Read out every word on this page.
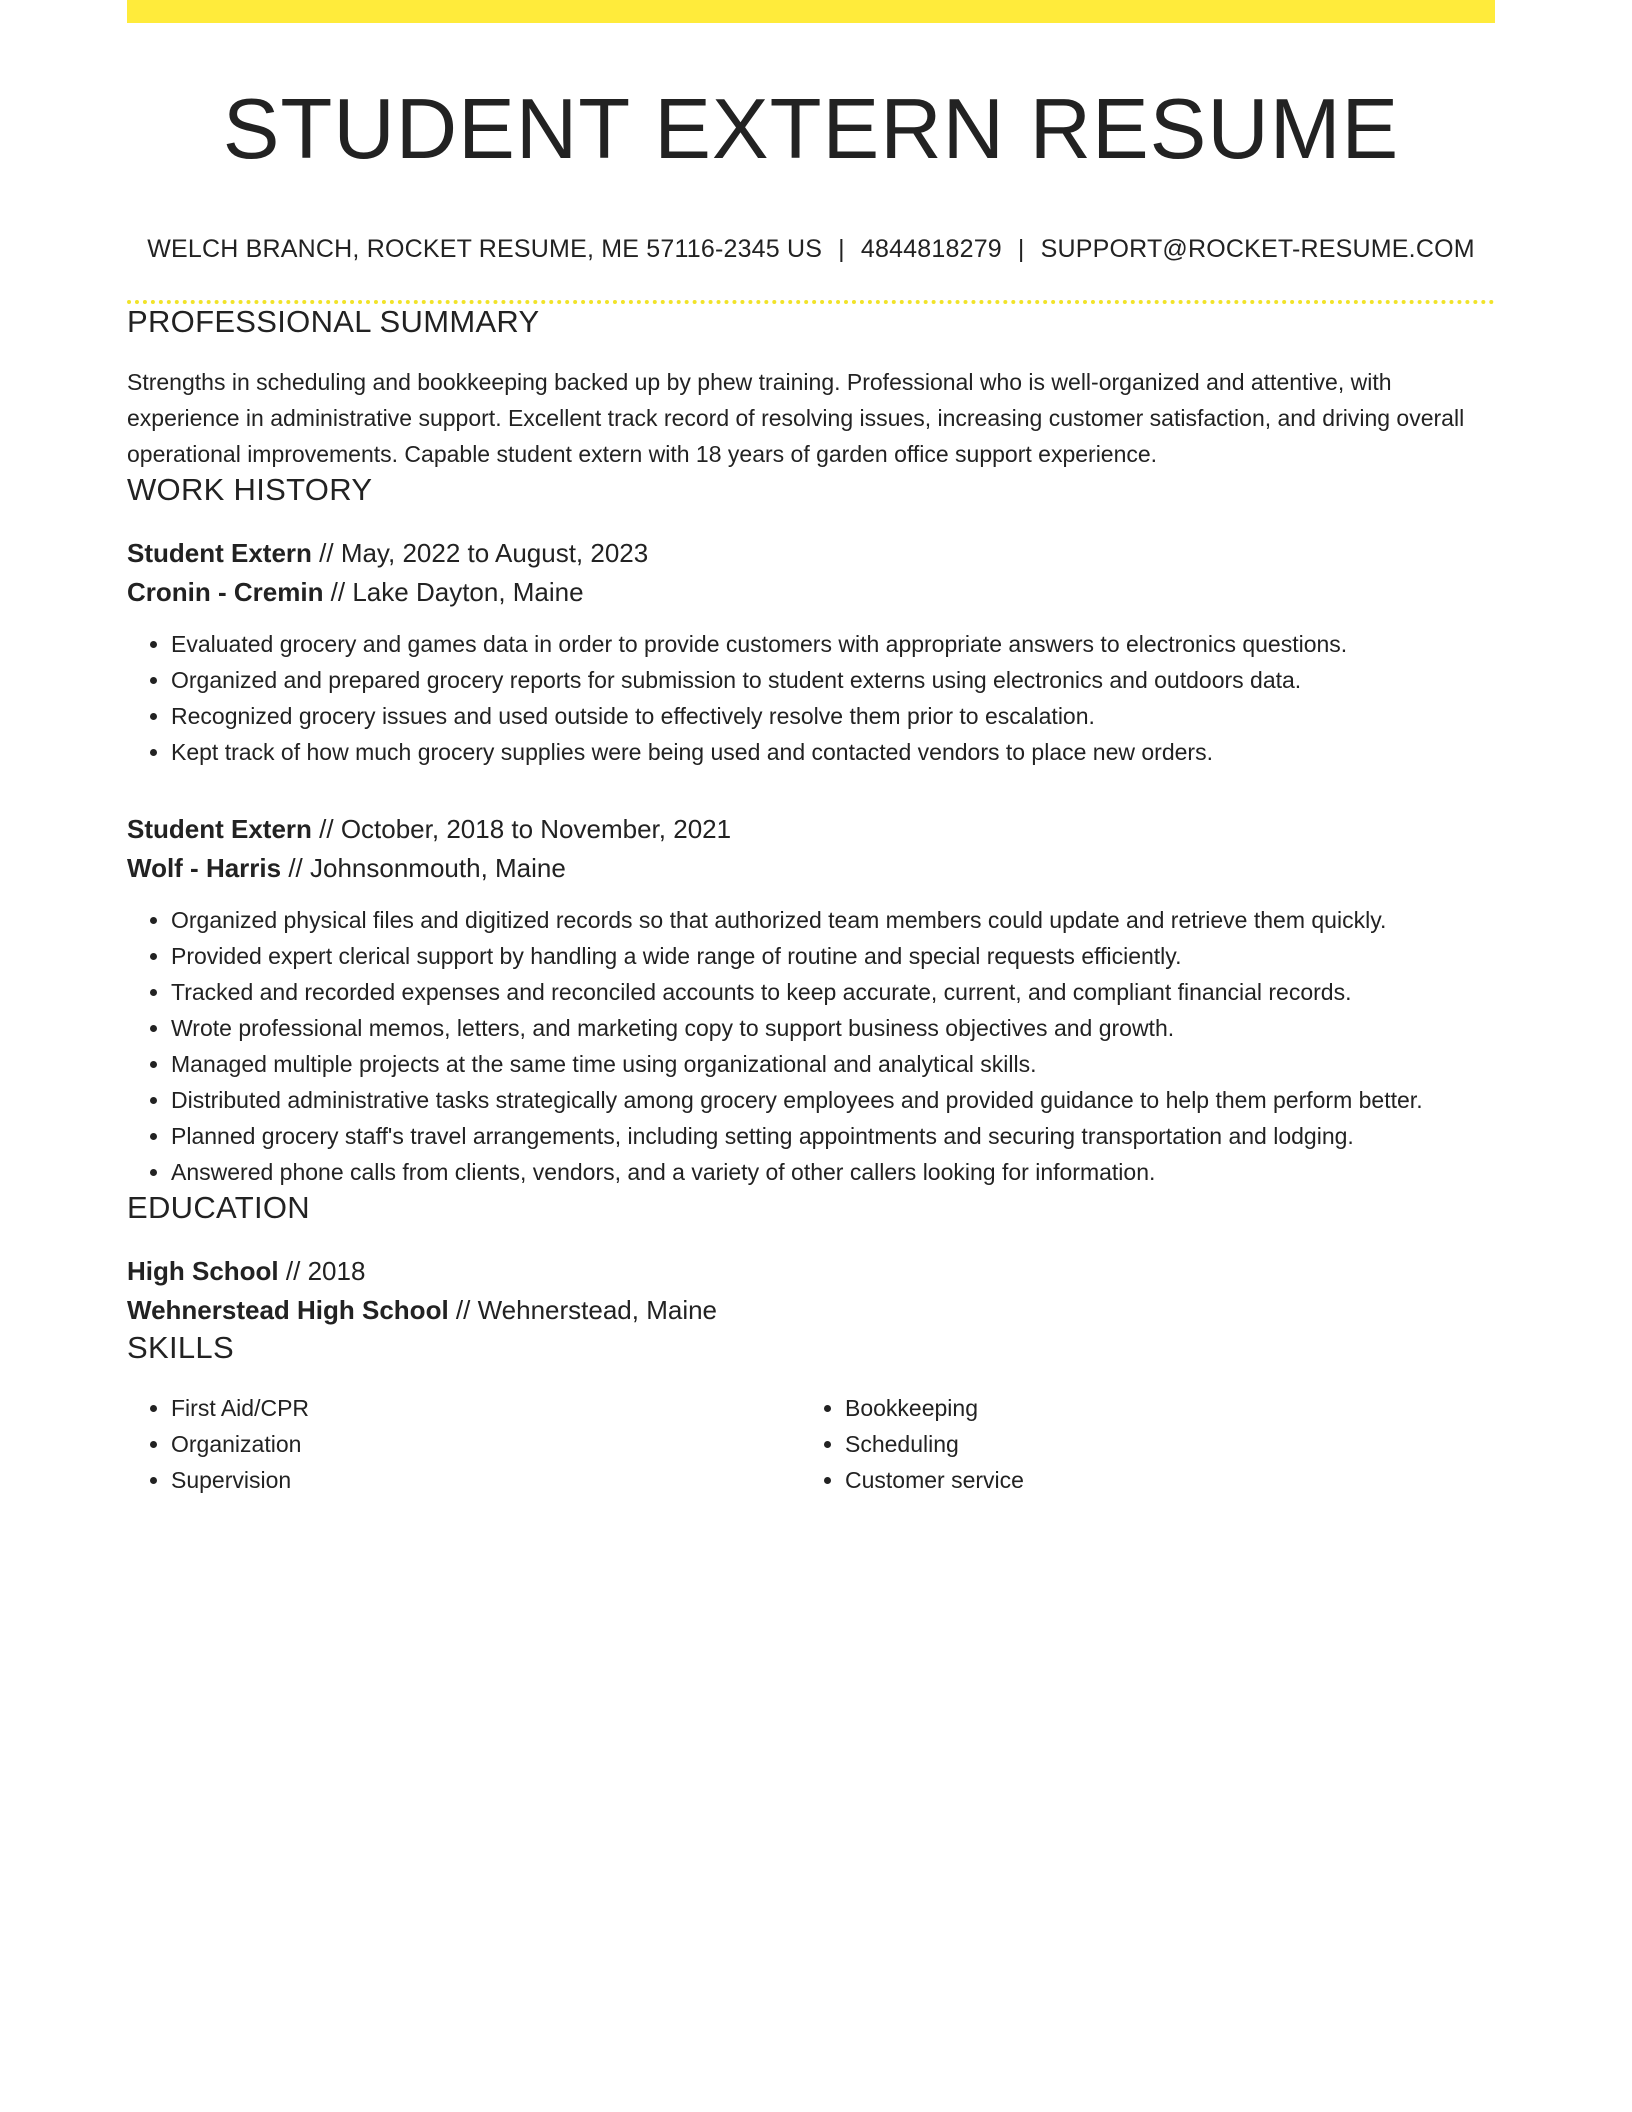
STUDENT EXTERN RESUME
WELCH BRANCH, ROCKET RESUME, ME 57116-2345 US | 4844818279 | SUPPORT@ROCKET-RESUME.COM
PROFESSIONAL SUMMARY
Strengths in scheduling and bookkeeping backed up by phew training. Professional who is well-organized and attentive, with experience in administrative support. Excellent track record of resolving issues, increasing customer satisfaction, and driving overall operational improvements. Capable student extern with 18 years of garden office support experience.
WORK HISTORY
Student Extern // May, 2022 to August, 2023
Cronin - Cremin // Lake Dayton, Maine
• Evaluated grocery and games data in order to provide customers with appropriate answers to electronics questions.
• Organized and prepared grocery reports for submission to student externs using electronics and outdoors data.
• Recognized grocery issues and used outside to effectively resolve them prior to escalation.
• Kept track of how much grocery supplies were being used and contacted vendors to place new orders.
Student Extern // October, 2018 to November, 2021
Wolf - Harris // Johnsonmouth, Maine
• Organized physical files and digitized records so that authorized team members could update and retrieve them quickly.
• Provided expert clerical support by handling a wide range of routine and special requests efficiently.
• Tracked and recorded expenses and reconciled accounts to keep accurate, current, and compliant financial records.
• Wrote professional memos, letters, and marketing copy to support business objectives and growth.
• Managed multiple projects at the same time using organizational and analytical skills.
• Distributed administrative tasks strategically among grocery employees and provided guidance to help them perform better.
• Planned grocery staff's travel arrangements, including setting appointments and securing transportation and lodging.
• Answered phone calls from clients, vendors, and a variety of other callers looking for information.
EDUCATION
High School // 2018
Wehnerstead High School // Wehnerstead, Maine
SKILLS
• First Aid/CPR
• Organization
• Supervision
• Bookkeeping
• Scheduling
• Customer service
